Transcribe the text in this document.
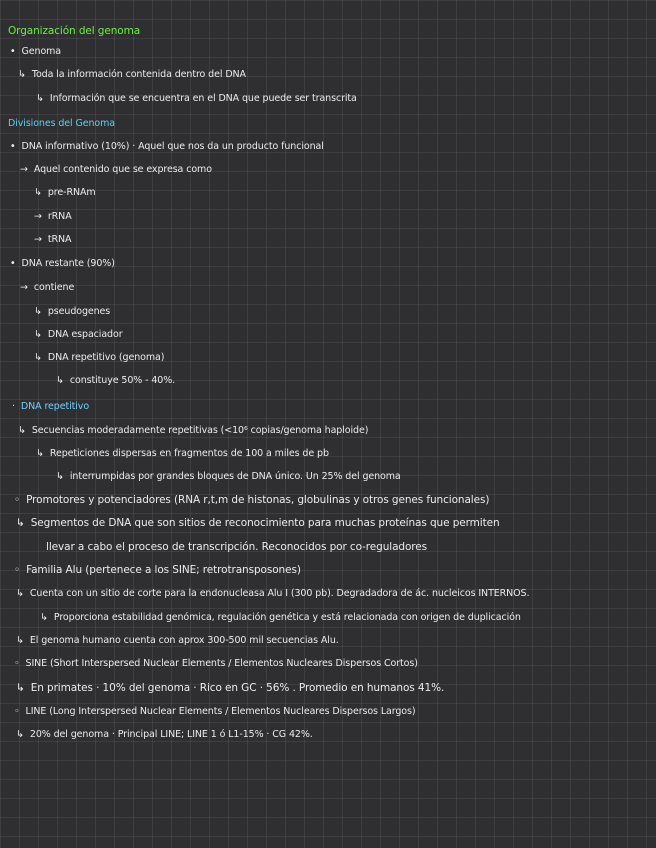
Organización del genoma
• Genoma
↳ Toda la información contenida dentro del DNA
↳ Información que se encuentra en el DNA que puede ser transcrita
Divisiones del Genoma
• DNA informativo (10%) · Aquel que nos da un producto funcional
→ Aquel contenido que se expresa como
↳ pre-RNAm
→ rRNA
→ tRNA
• DNA restante (90%)
→ contiene
↳ pseudogenes
↳ DNA espaciador
↳ DNA repetitivo (genoma)
↳ constituye 50% - 40%.
· DNA repetitivo
↳ Secuencias moderadamente repetitivas (<10⁶ copias/genoma haploide)
↳ Repeticiones dispersas en fragmentos de 100 a miles de pb
↳ interrumpidas por grandes bloques de DNA único. Un 25% del genoma
◦ Promotores y potenciadores (RNA r,t,m de histonas, globulinas y otros genes funcionales)
↳ Segmentos de DNA que son sitios de reconocimiento para muchas proteínas que permiten
llevar a cabo el proceso de transcripción. Reconocidos por co-reguladores
◦ Familia Alu (pertenece a los SINE; retrotransposones)
↳ Cuenta con un sitio de corte para la endonucleasa Alu I (300 pb). Degradadora de ác. nucleicos INTERNOS.
↳ Proporciona estabilidad genómica, regulación genética y está relacionada con origen de duplicación
↳ El genoma humano cuenta con aprox 300-500 mil secuencias Alu.
◦ SINE (Short Interspersed Nuclear Elements / Elementos Nucleares Dispersos Cortos)
↳ En primates · 10% del genoma · Rico en GC · 56% . Promedio en humanos 41%.
◦ LINE (Long Interspersed Nuclear Elements / Elementos Nucleares Dispersos Largos)
↳ 20% del genoma · Principal LINE; LINE 1 ó L1-15% · CG 42%.
